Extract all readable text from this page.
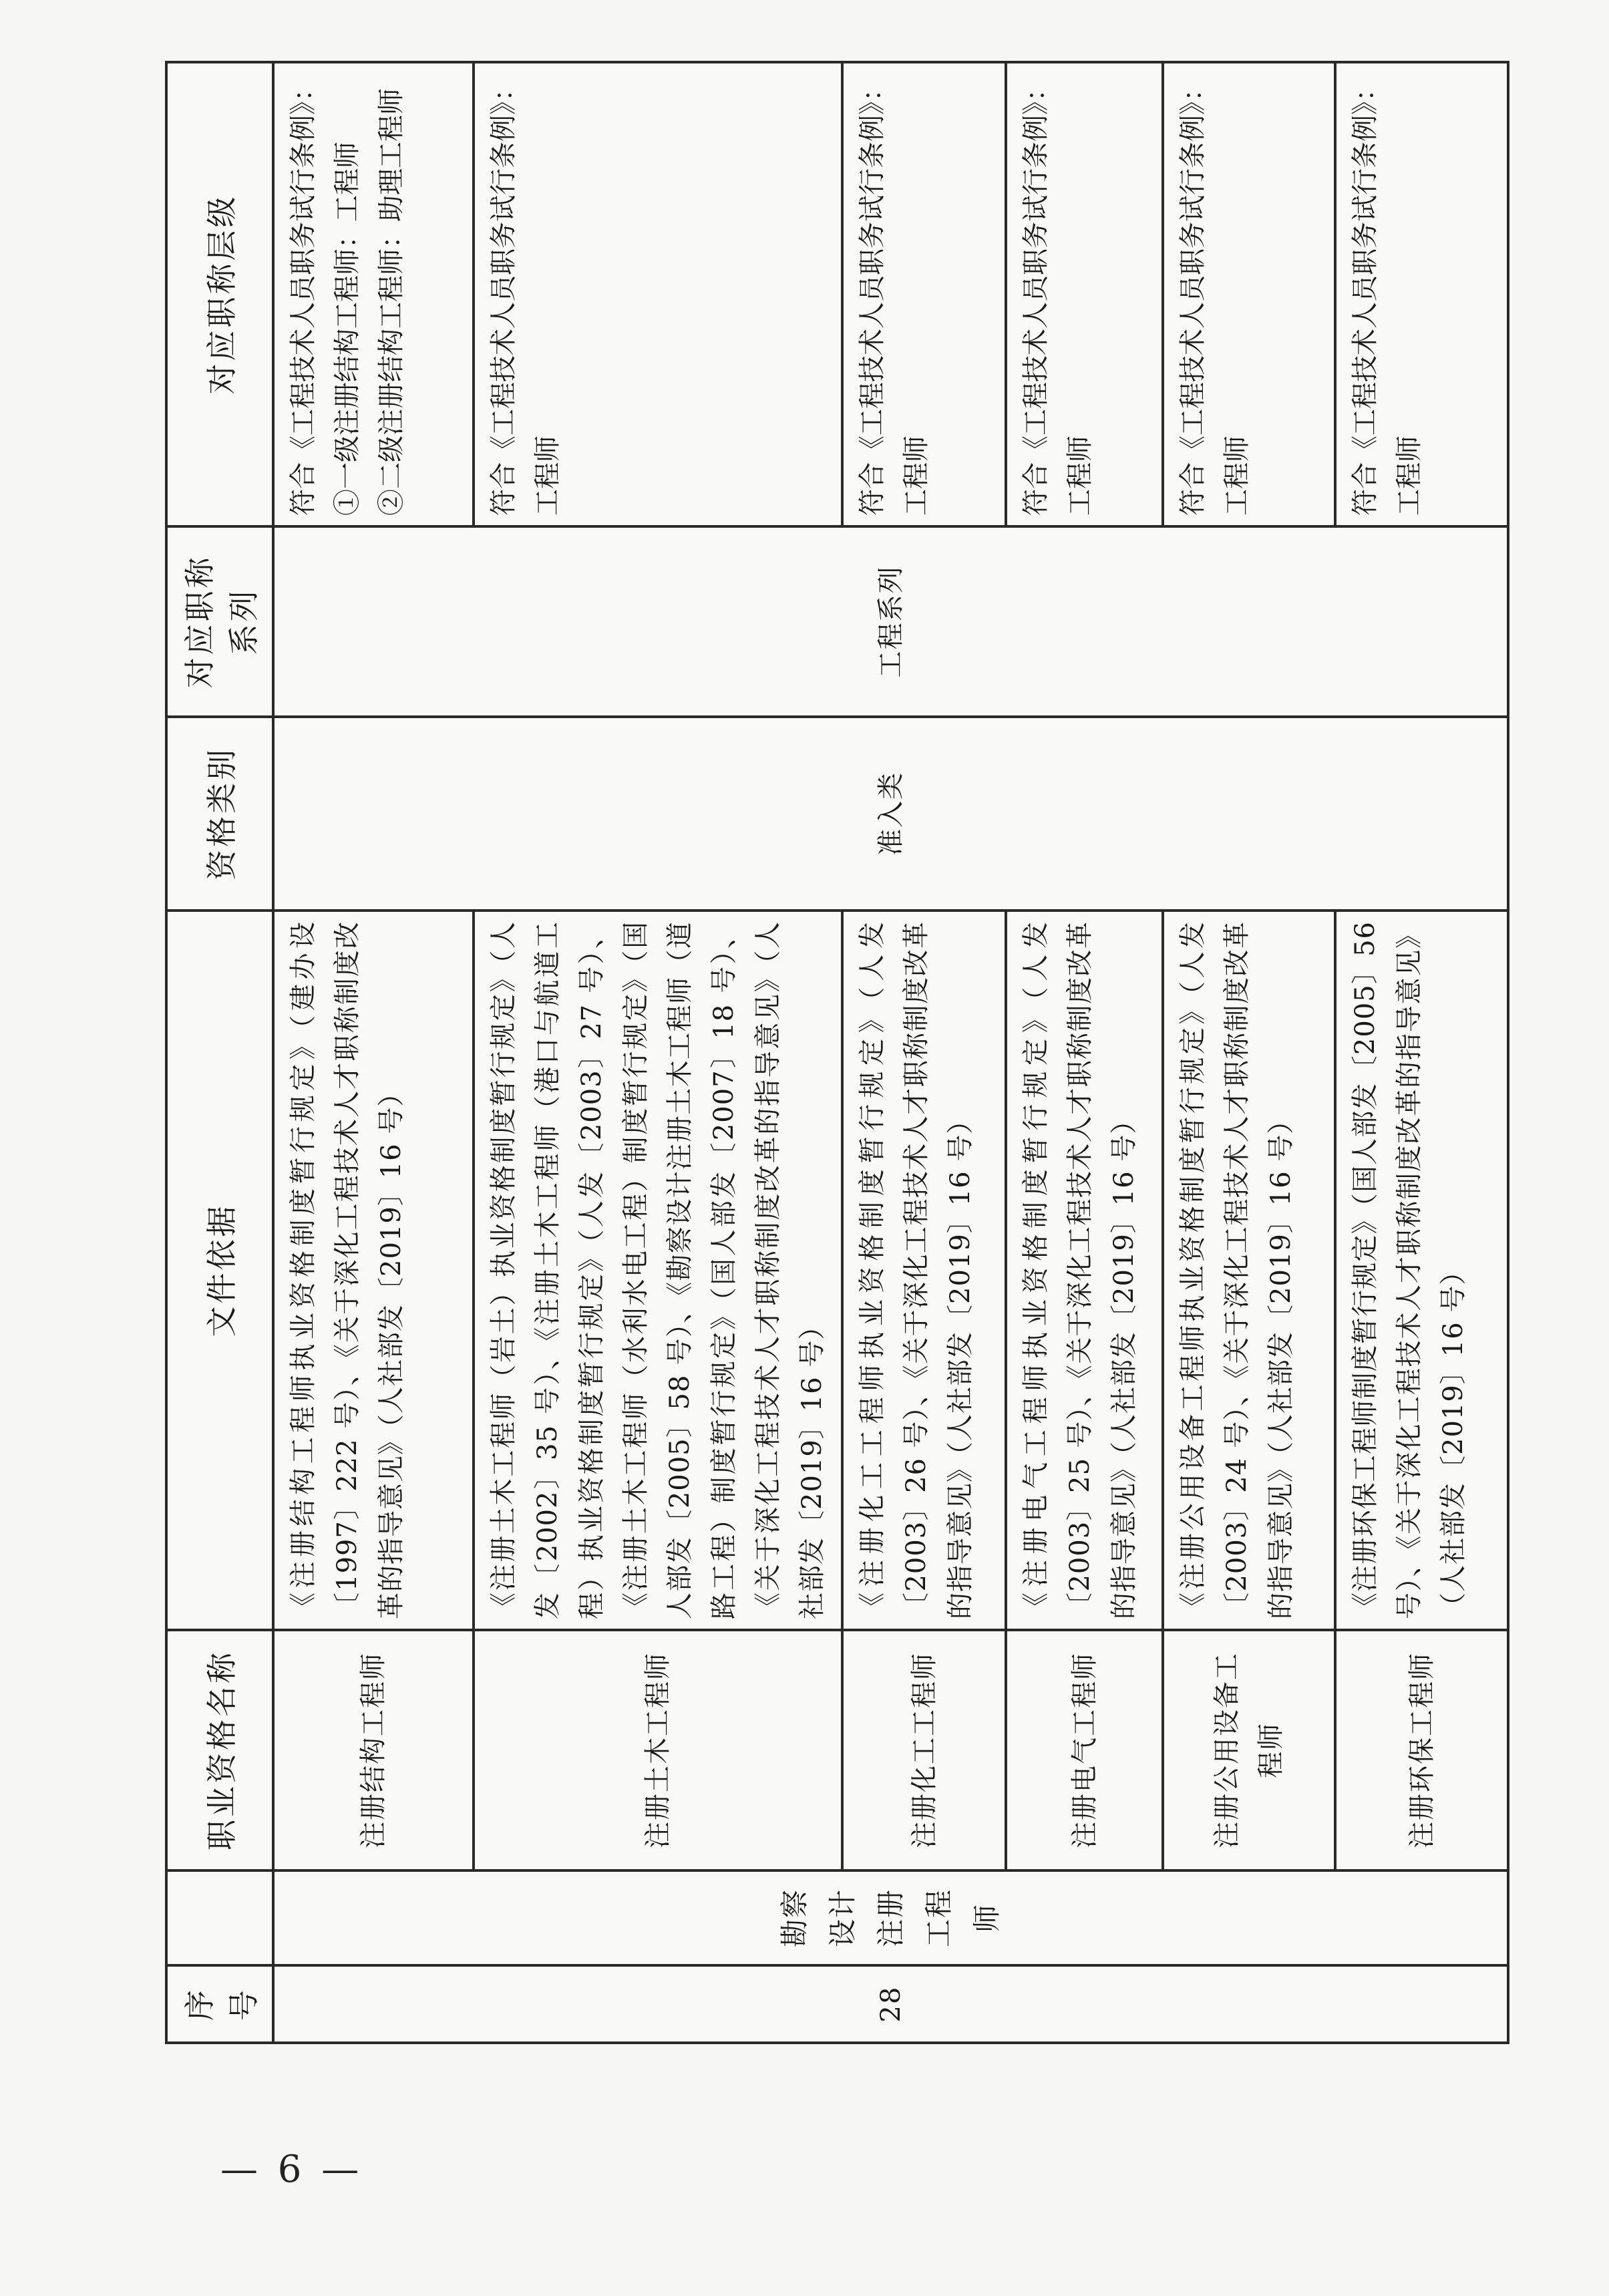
序号		职业资格名称	文件依据	资格类别	对应职称 系列	对应职称层级
28	勘察设计注册工程师	注册结构工程师	《注册结构工程师执业资格制度暂行规定》（建办设〔1997〕222 号）、《关于深化工程技术人才职称制度改革的指导意见》（人社部发〔2019〕16 号）	准入类	工程系列	符合《工程技术人员职务试行条例》： ①一级注册结构工程师：工程师 ②二级注册结构工程师：助理工程师

		注册土木工程师	《注册土木工程师（岩土）执业资格制度暂行规定》（人发〔2002〕35 号）、《注册土木工程师（港口与航道工程）执业资格制度暂行规定》（人发〔2003〕27 号）、《注册土木工程师（水利水电工程）制度暂行规定》（国人部发〔2005〕58 号）、《勘察设计注册土木工程师（道路工程）制度暂行规定》（国人部发〔2007〕18 号）、《关于深化工程技术人才职称制度改革的指导意见》（人社部发〔2019〕16 号）			符合《工程技术人员职务试行条例》： 工程师

		注册化工工程师	《注册化工工程师执业资格制度暂行规定》（人发〔2003〕26 号）、《关于深化工程技术人才职称制度改革的指导意见》（人社部发〔2019〕16 号）			符合《工程技术人员职务试行条例》： 工程师

		注册电气工程师	《注册电气工程师执业资格制度暂行规定》（人发〔2003〕25 号）、《关于深化工程技术人才职称制度改革的指导意见》（人社部发〔2019〕16 号）			符合《工程技术人员职务试行条例》： 工程师

		注册公用设备工程师	《注册公用设备工程师执业资格制度暂行规定》（人发〔2003〕24 号）、《关于深化工程技术人才职称制度改革的指导意见》（人社部发〔2019〕16 号）			符合《工程技术人员职务试行条例》： 工程师

		注册环保工程师	《注册环保工程师制度暂行规定》（国人部发〔2005〕56 号）、《关于深化工程技术人才职称制度改革的指导意见》（人社部发〔2019〕16 号）			符合《工程技术人员职务试行条例》： 工程师
— 6 —
